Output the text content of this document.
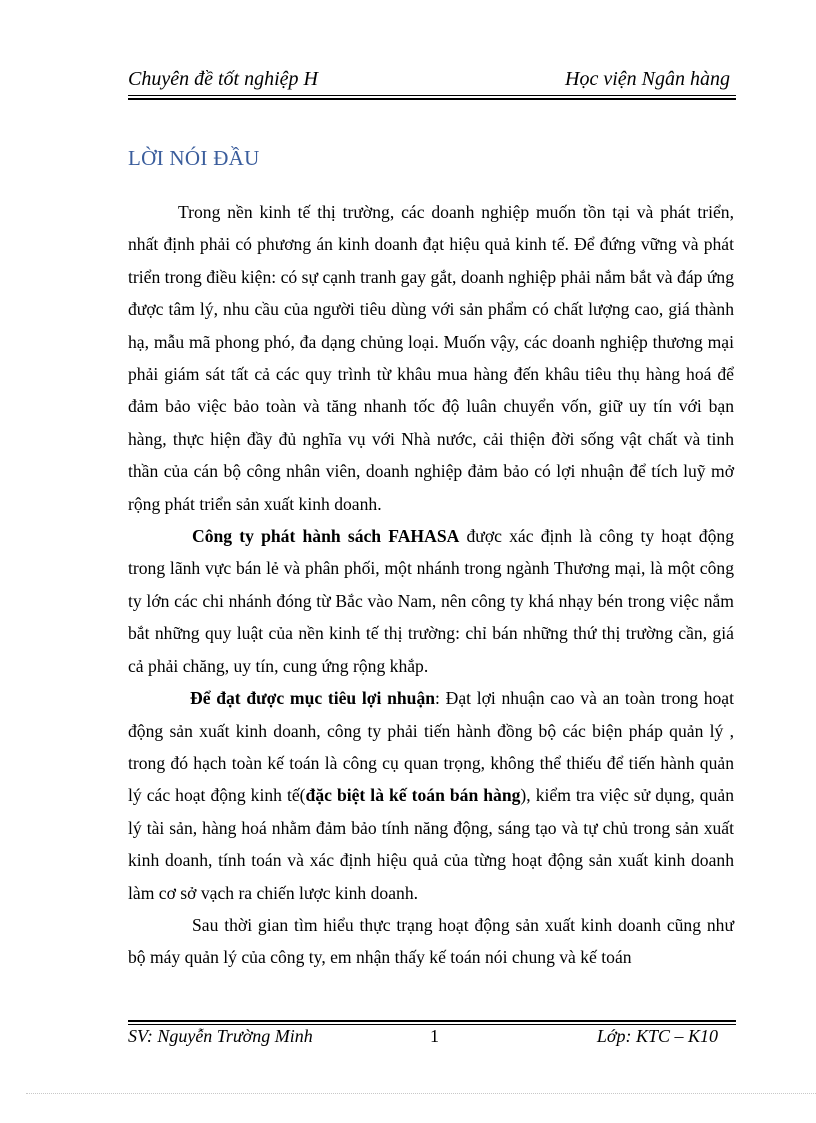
Chuyên đề tốt nghiệp H	Học viện Ngân hàng
LỜI NÓI ĐẦU

Trong nền kinh tế thị trường, các doanh nghiệp muốn tồn tại và phát triển, nhất định phải có phương án kinh doanh đạt hiệu quả kinh tế. Để đứng vững và phát triển trong điều kiện: có sự cạnh tranh gay gắt, doanh nghiệp phải nắm bắt và đáp ứng được tâm lý, nhu cầu của người tiêu dùng với sản phẩm có chất lượng cao, giá thành hạ, mẫu mã phong phó, đa dạng chủng loại. Muốn vậy, các doanh nghiệp thương mại phải giám sát tất cả các quy trình từ khâu mua hàng đến khâu tiêu thụ hàng hoá để đảm bảo việc bảo toàn và tăng nhanh tốc độ luân chuyển vốn, giữ uy tín với bạn hàng, thực hiện đầy đủ nghĩa vụ với Nhà nước, cải thiện đời sống vật chất và tinh thần của cán bộ công nhân viên, doanh nghiệp đảm bảo có lợi nhuận để tích luỹ mở rộng phát triển sản xuất kinh doanh.

Công ty phát hành sách FAHASA được xác định là công ty hoạt động trong lãnh vực bán lẻ và phân phối, một nhánh trong ngành Thương mại, là một công ty lớn các chi nhánh đóng từ Bắc vào Nam, nên công ty khá nhạy bén trong việc nắm bắt những quy luật của nền kinh tế thị trường: chỉ bán những thứ thị trường cần, giá cả phải chăng, uy tín, cung ứng rộng khắp.

Để đạt được mục tiêu lợi nhuận: Đạt lợi nhuận cao và an toàn trong hoạt động sản xuất kinh doanh, công ty phải tiến hành đồng bộ các biện pháp quản lý , trong đó hạch toàn kế toán là công cụ quan trọng, không thể thiếu để tiến hành quản lý các hoạt động kinh tế(đặc biệt là kế toán bán hàng), kiểm tra việc sử dụng, quản lý tài sản, hàng hoá nhằm đảm bảo tính năng động, sáng tạo và tự chủ trong sản xuất kinh doanh, tính toán và xác định hiệu quả của từng hoạt động sản xuất kinh doanh làm cơ sở vạch ra chiến lược kinh doanh.

Sau thời gian tìm hiểu thực trạng hoạt động sản xuất kinh doanh cũng như bộ máy quản lý của công ty, em nhận thấy kế toán nói chung và kế toán

SV: Nguyễn Trường Minh	1	Lớp: KTC – K10
